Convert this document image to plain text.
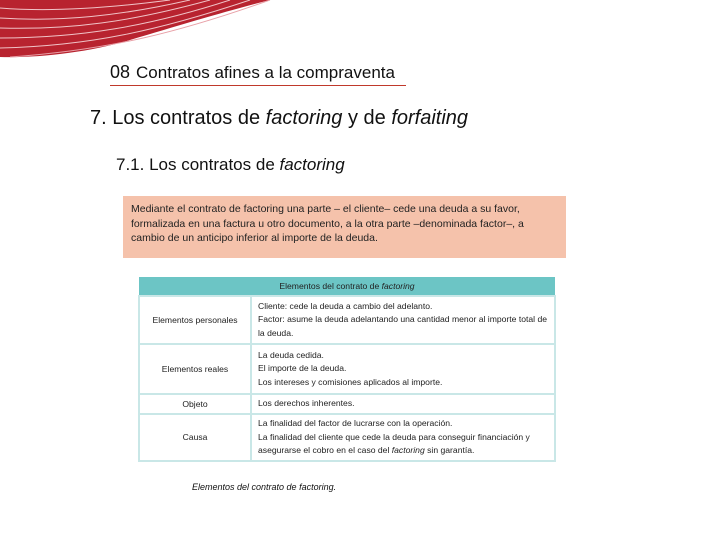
08 Contratos afines a la compraventa
7. Los contratos de factoring y de forfaiting
7.1. Los contratos de factoring
Mediante el contrato de factoring una parte – el cliente– cede una deuda a su favor, formalizada en una factura u otro documento, a la otra parte –denominada factor–, a cambio de un anticipo inferior al importe de la deuda.
Elementos del contrato de factoring	
Elementos personales	Cliente: cede la deuda a cambio del adelanto.
Factor: asume la deuda adelantando una cantidad menor al importe total de la deuda.

Elementos reales	La deuda cedida.
El importe de la deuda.
Los intereses y comisiones aplicados al importe.

Objeto	Los derechos inherentes.

Causa	La finalidad del factor de lucrarse con la operación.
La finalidad del cliente que cede la deuda para conseguir financiación y asegurarse el cobro en el caso del factoring sin garantía.
Elementos del contrato de factoring.
